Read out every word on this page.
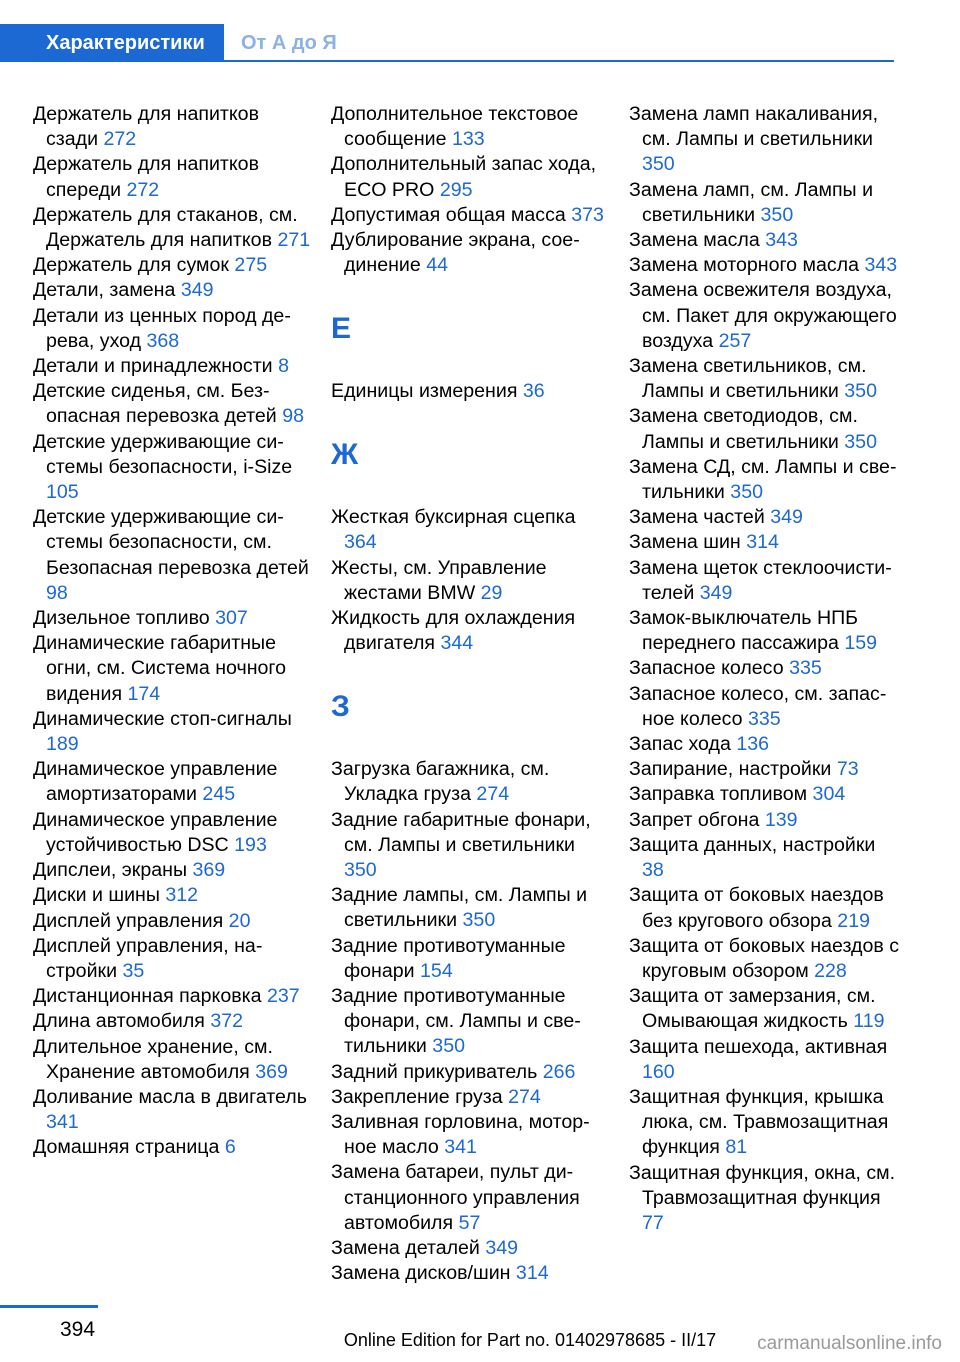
Характеристики	От А до Я
Держатель для напитков сзади 272
Держатель для напитков спереди 272
Держатель для стаканов, см. Держатель для напитков 271
Держатель для сумок 275
Детали, замена 349
Детали из ценных пород дерева, уход 368
Детали и принадлежности 8
Детские сиденья, см. Безопасная перевозка детей 98
Детские удерживающие системы безопасности, i-Size 105
Детские удерживающие системы безопасности, см. Безопасная перевозка детей 98
Дизельное топливо 307
Динамические габаритные огни, см. Система ночного видения 174
Динамические стоп-сигналы 189
Динамическое управление амортизаторами 245
Динамическое управление устойчивостью DSC 193
Дипслеи, экраны 369
Диски и шины 312
Дисплей управления 20
Дисплей управления, настройки 35
Дистанционная парковка 237
Длина автомобиля 372
Длительное хранение, см. Хранение автомобиля 369
Доливание масла в двигатель 341
Домашняя страница 6
Дополнительное текстовое сообщение 133
Дополнительный запас хода, ECO PRO 295
Допустимая общая масса 373
Дублирование экрана, соединение 44
Е
Единицы измерения 36
Ж
Жесткая буксирная сцепка 364
Жесты, см. Управление жестами BMW 29
Жидкость для охлаждения двигателя 344
З
Загрузка багажника, см. Укладка груза 274
Задние габаритные фонари, см. Лампы и светильники 350
Задние лампы, см. Лампы и светильники 350
Задние противотуманные фонари 154
Задние противотуманные фонари, см. Лампы и светильники 350
Задний прикуриватель 266
Закрепление груза 274
Заливная горловина, моторное масло 341
Замена батареи, пульт дистанционного управления автомобиля 57
Замена деталей 349
Замена дисков/шин 314
Замена ламп накаливания, см. Лампы и светильники 350
Замена ламп, см. Лампы и светильники 350
Замена масла 343
Замена моторного масла 343
Замена освежителя воздуха, см. Пакет для окружающего воздуха 257
Замена светильников, см. Лампы и светильники 350
Замена светодиодов, см. Лампы и светильники 350
Замена СД, см. Лампы и светильники 350
Замена частей 349
Замена шин 314
Замена щеток стеклоочистителей 349
Замок-выключатель НПБ переднего пассажира 159
Запасное колесо 335
Запасное колесо, см. запасное колесо 335
Запас хода 136
Запирание, настройки 73
Заправка топливом 304
Запрет обгона 139
Защита данных, настройки 38
Защита от боковых наездов без кругового обзора 219
Защита от боковых наездов с круговым обзором 228
Защита от замерзания, см. Омывающая жидкость 119
Защита пешехода, активная 160
Защитная функция, крышка люка, см. Травмозащитная функция 81
Защитная функция, окна, см. Травмозащитная функция 77
394	Online Edition for Part no. 01402978685 - II/17	carmanualsonline.info
